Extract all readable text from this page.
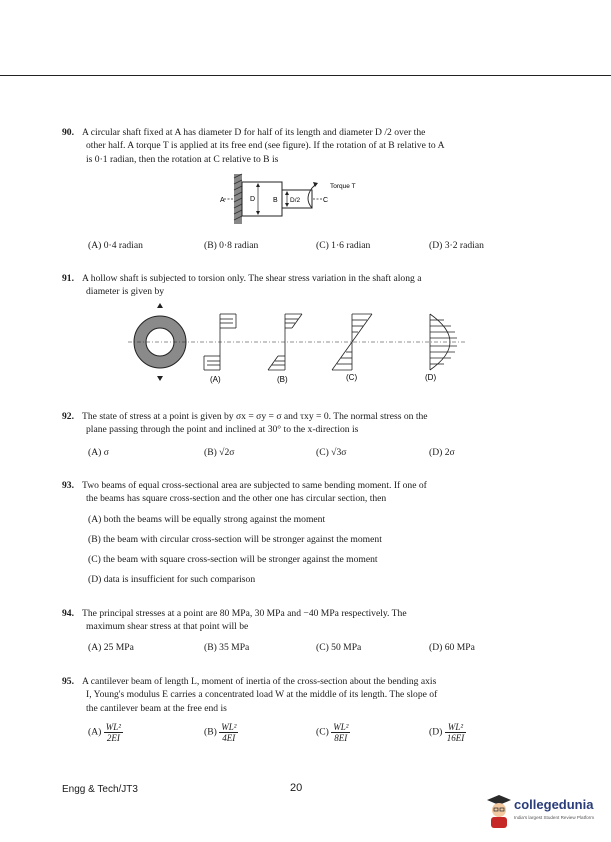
90. A circular shaft fixed at A has diameter D for half of its length and diameter D /2 over the
other half. A torque T is applied at its free end (see figure). If the rotation of at B relative to A
is 0·1 radian, then the rotation at C relative to B is
A	D	B D/2	C
Torque T
(A) 0·4 radian	(B) 0·8 radian	(C) 1·6 radian	(D) 3·2 radian
91. A hollow shaft is subjected to torsion only. The shear stress variation in the shaft along a
diameter is given by
(A)	(B)	(C)	(D)
92. The state of stress at a point is given by σx = σy = σ and τxy = 0. The normal stress on the
plane passing through the point and inclined at 30° to the x-direction is
(A) σ	(B) √2σ	(C) √3σ	(D) 2σ
93. Two beams of equal cross-sectional area are subjected to same bending moment. If one of
the beams has square cross-section and the other one has circular section, then
(A) both the beams will be equally strong against the moment
(B) the beam with circular cross-section will be stronger against the moment
(C) the beam with square cross-section will be stronger against the moment
(D) data is insufficient for such comparison
94. The principal stresses at a point are 80 MPa, 30 MPa and −40 MPa respectively. The
maximum shear stress at that point will be
(A) 25 MPa	(B) 35 MPa	(C) 50 MPa	(D) 60 MPa
95. A cantilever beam of length L, moment of inertia of the cross-section about the bending axis
I, Young's modulus E carries a concentrated load W at the middle of its length. The slope of
the cantilever beam at the free end is
$(A) \frac{\text{WL²}}{2EI}$	$(B) \frac{\text{WL²}}{4EI}$	$(C) \frac{\text{WL²}}{8EI}$	$(D) \frac{\text{WL²}}{16EI}$
Engg & Tech/JT3	20
collegedunia
India's largest Student Review Platform
